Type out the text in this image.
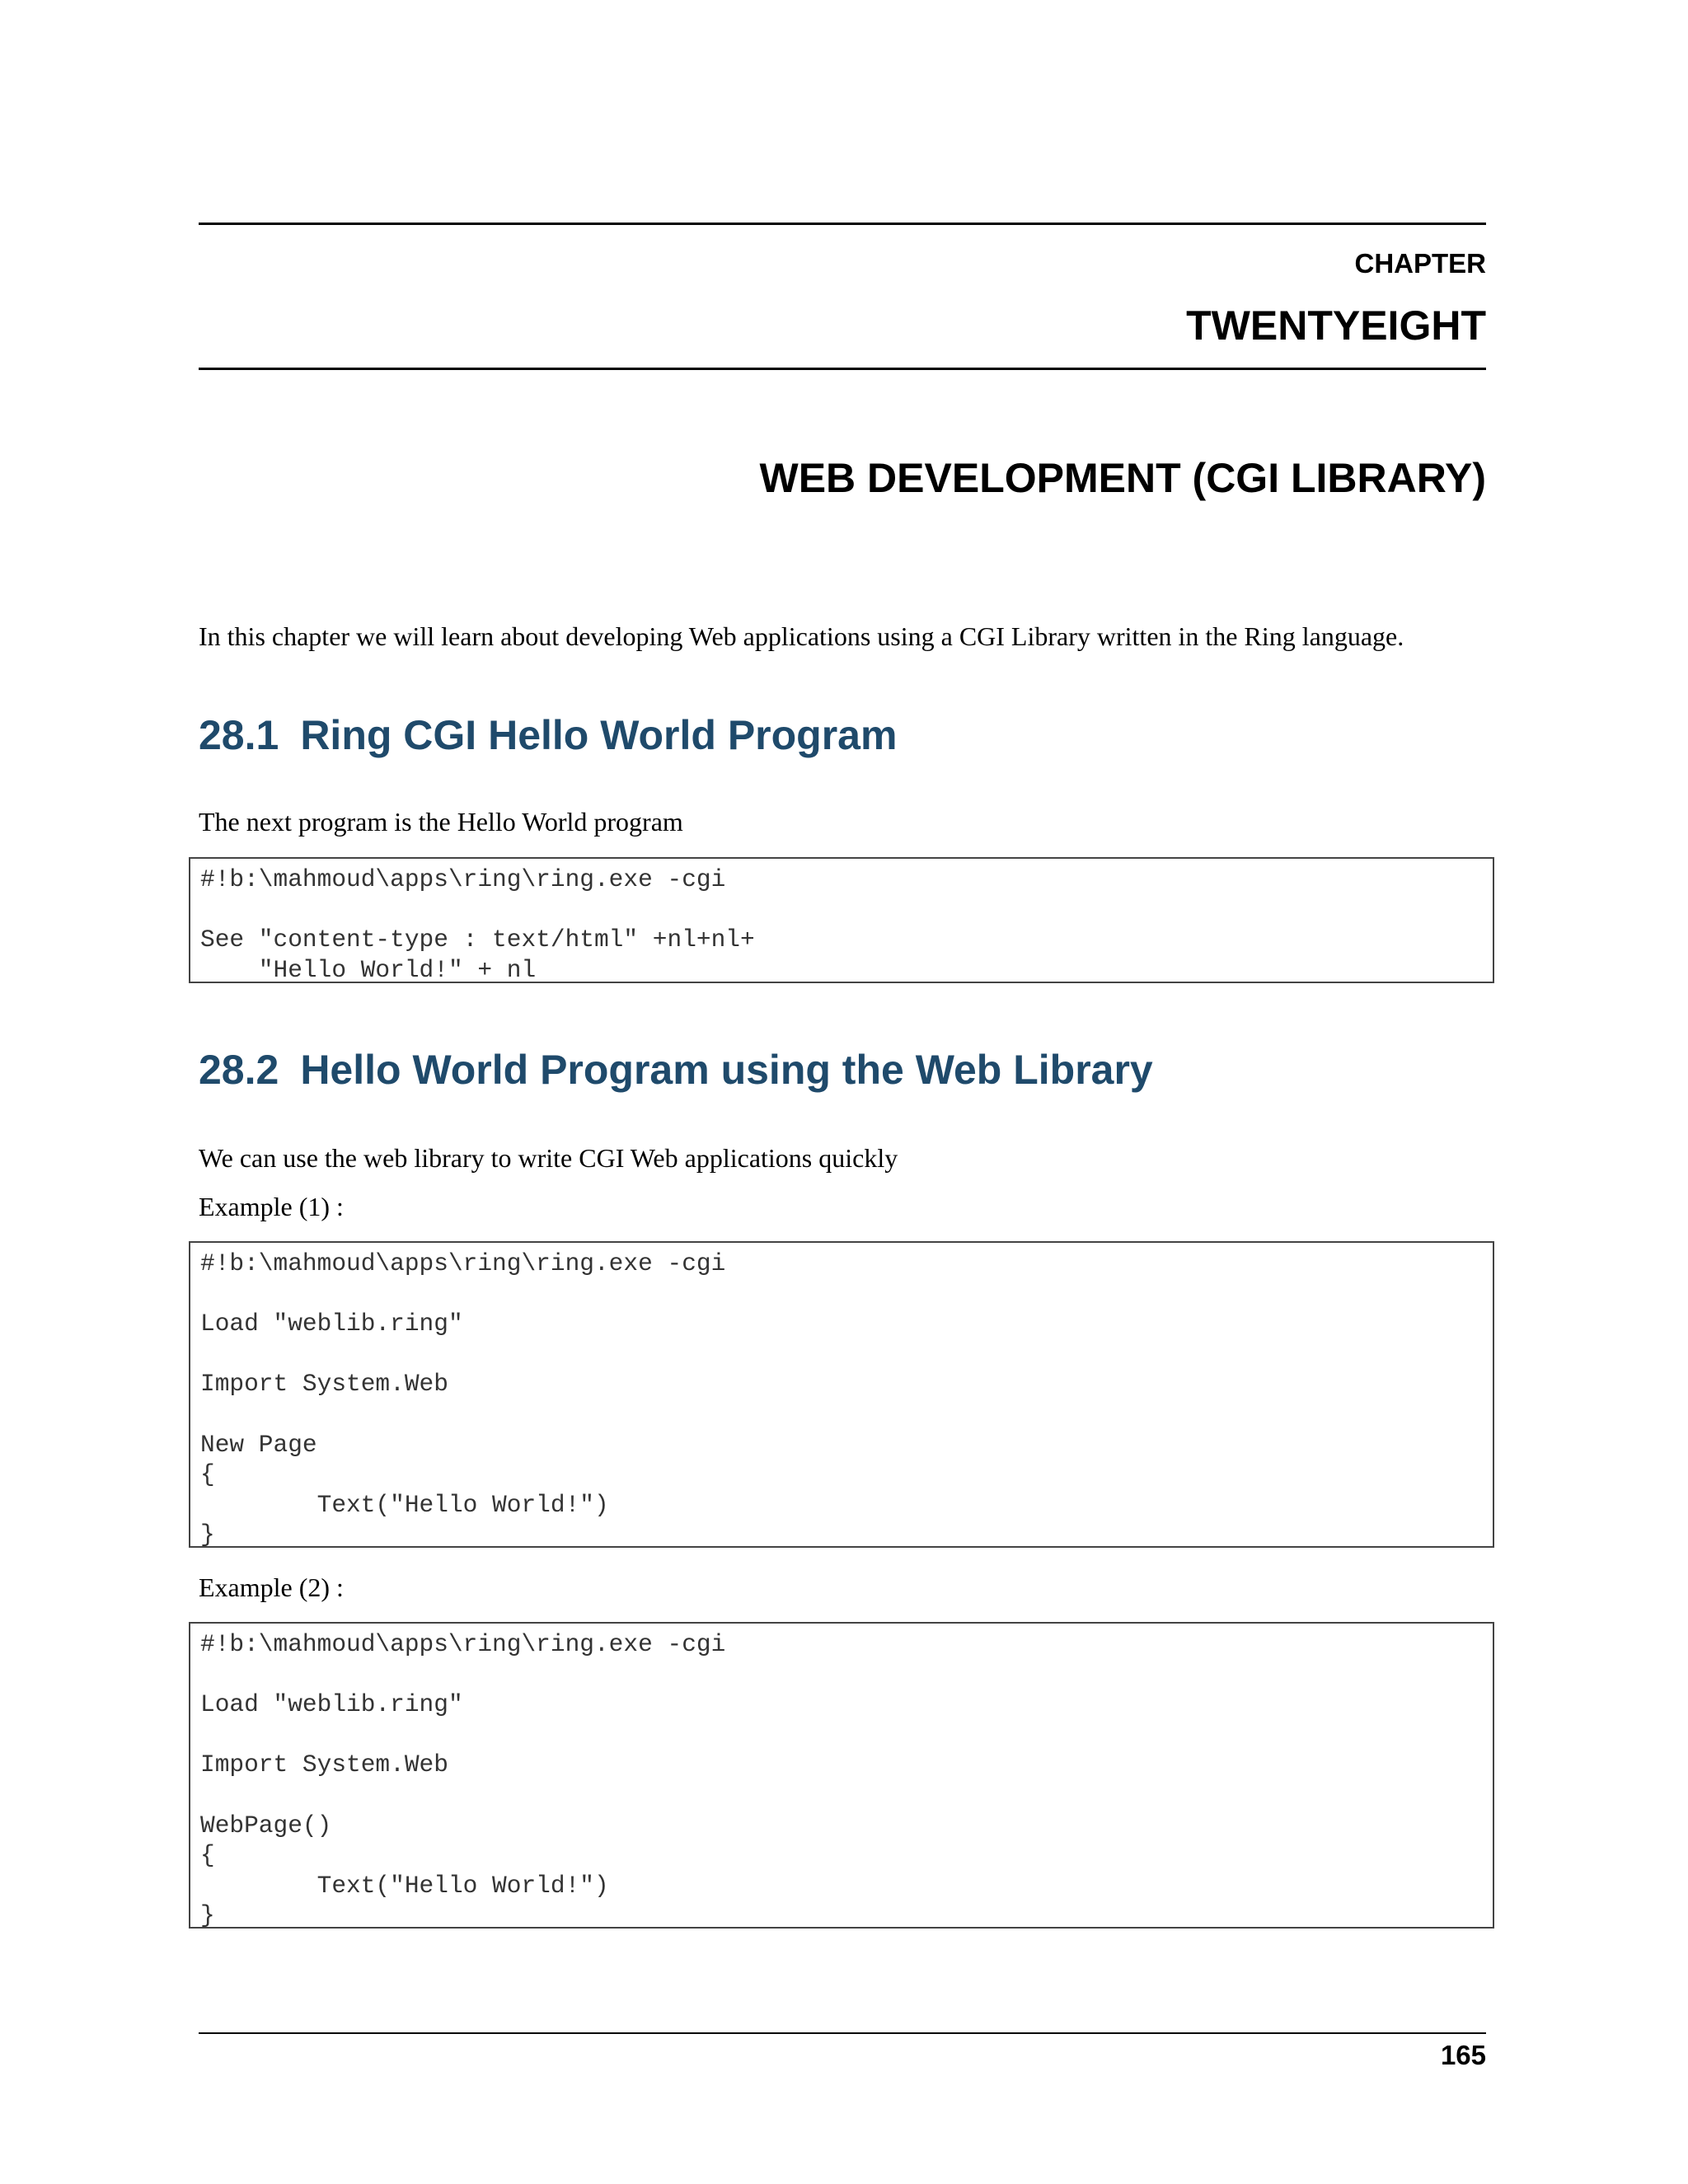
CHAPTER
TWENTYEIGHT
WEB DEVELOPMENT (CGI LIBRARY)

In this chapter we will learn about developing Web applications using a CGI Library written in the Ring language.

28.1 Ring CGI Hello World Program

The next program is the Hello World program

#!b:\mahmoud\apps\ring\ring.exe -cgi

See "content-type : text/html" +nl+nl+
"Hello World!" + nl
28.2 Hello World Program using the Web Library

We can use the web library to write CGI Web applications quickly

Example (1) :

#!b:\mahmoud\apps\ring\ring.exe -cgi

Load "weblib.ring"

Import System.Web

New Page
{
Text("Hello World!")
}

Example (2) :

#!b:\mahmoud\apps\ring\ring.exe -cgi

Load "weblib.ring"

Import System.Web

WebPage()
{
Text("Hello World!")
}
165
